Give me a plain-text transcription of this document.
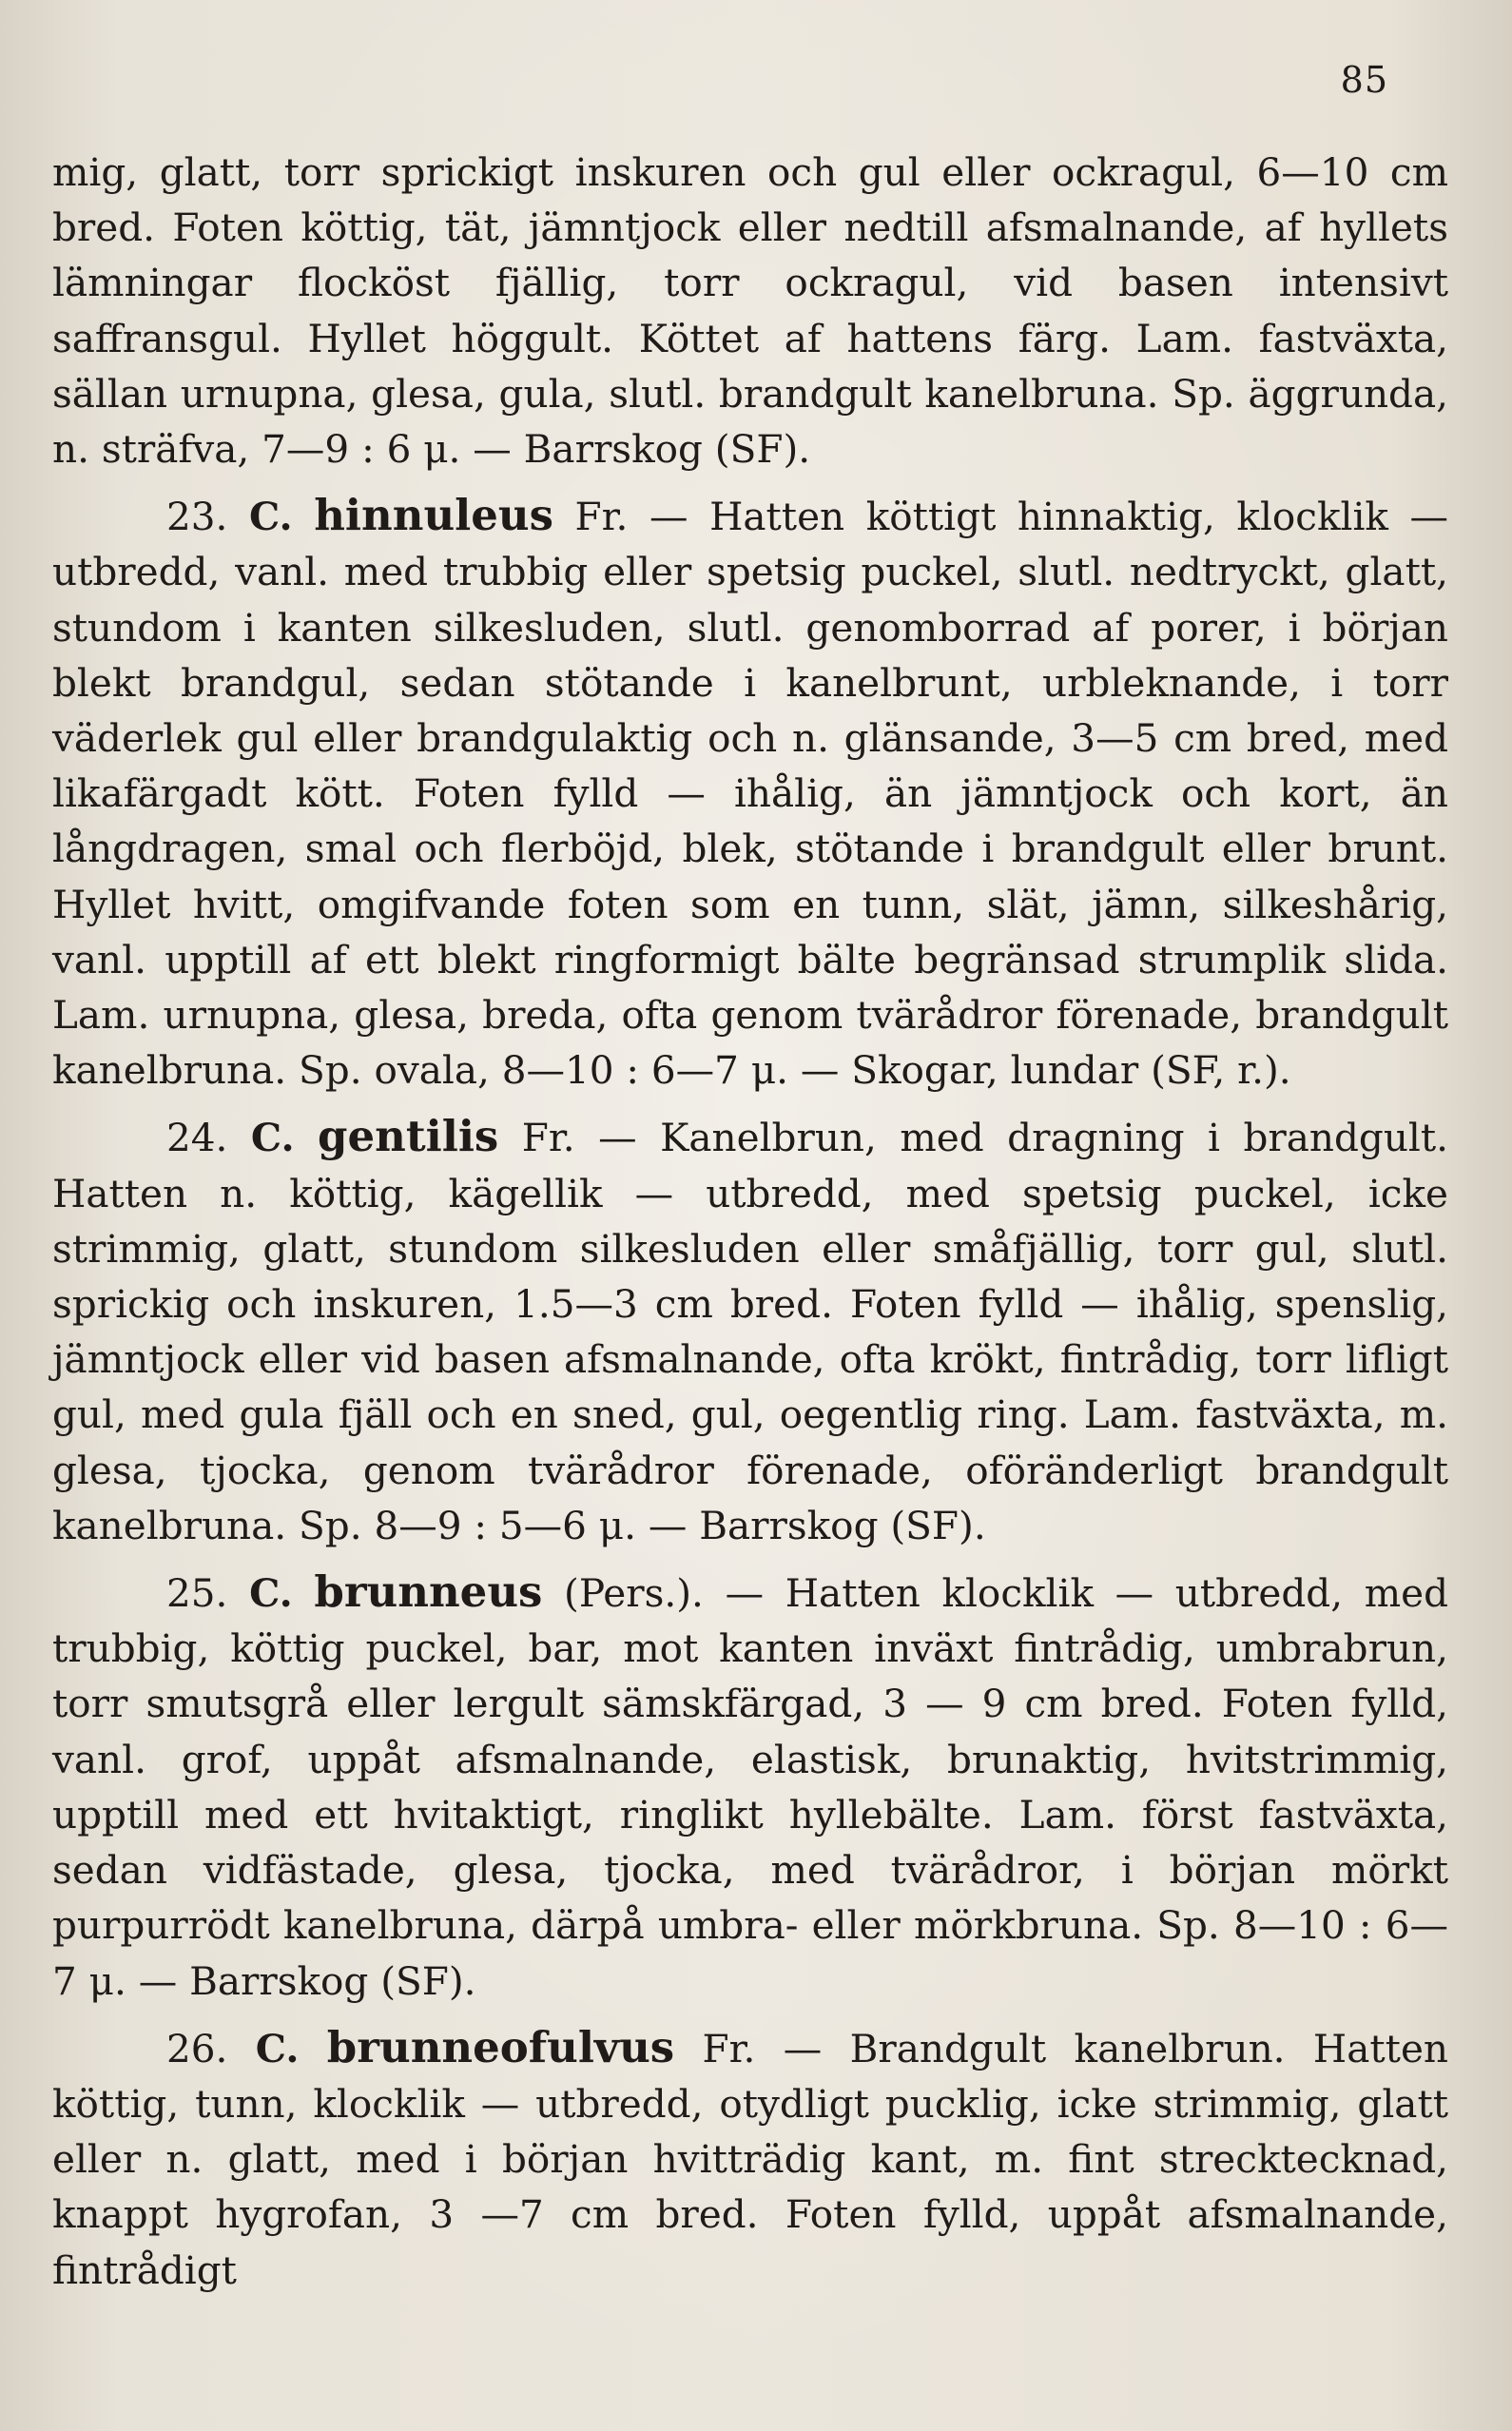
85

mig, glatt, torr sprickigt inskuren och gul eller ockragul, 6—10 cm bred. Foten köttig, tät, jämntjock eller nedtill afsmalnande, af hyllets lämningar flocköst fjällig, torr ockragul, vid basen intensivt saffransgul. Hyllet höggult. Köttet af hattens färg. Lam. fastväxta, sällan urnupna, glesa, gula, slutl. brandgult kanelbruna. Sp. äggrunda, n. sträfva, 7—9 : 6 μ. — Barrskog (SF).

23. C. hinnuleus Fr. — Hatten köttigt hinnaktig, klocklik — utbredd, vanl. med trubbig eller spetsig puckel, slutl. nedtryckt, glatt, stundom i kanten silkesluden, slutl. genomborrad af porer, i början blekt brandgul, sedan stötande i kanelbrunt, urbleknande, i torr väderlek gul eller brandgulaktig och n. glänsande, 3—5 cm bred, med likafärgadt kött. Foten fylld — ihålig, än jämntjock och kort, än långdragen, smal och flerböjd, blek, stötande i brandgult eller brunt. Hyllet hvitt, omgifvande foten som en tunn, slät, jämn, silkeshårig, vanl. upptill af ett blekt ringformigt bälte begränsad strumplik slida. Lam. urnupna, glesa, breda, ofta genom tvärådror förenade, brandgult kanelbruna. Sp. ovala, 8—10 : 6—7 μ. — Skogar, lundar (SF, r.).

24. C. gentilis Fr. — Kanelbrun, med dragning i brandgult. Hatten n. köttig, kägellik — utbredd, med spetsig puckel, icke strimmig, glatt, stundom silkesluden eller småfjällig, torr gul, slutl. sprickig och inskuren, 1.5—3 cm bred. Foten fylld — ihålig, spenslig, jämntjock eller vid basen afsmalnande, ofta krökt, fintrådig, torr lifligt gul, med gula fjäll och en sned, gul, oegentlig ring. Lam. fastväxta, m. glesa, tjocka, genom tvärådror förenade, oföränderligt brandgult kanelbruna. Sp. 8—9 : 5—6 μ. — Barrskog (SF).

25. C. brunneus (Pers.). — Hatten klocklik — utbredd, med trubbig, köttig puckel, bar, mot kanten inväxt fintrådig, umbrabrun, torr smutsgrå eller lergult sämskfärgad, 3 — 9 cm bred. Foten fylld, vanl. grof, uppåt afsmalnande, elastisk, brunaktig, hvitstrimmig, upptill med ett hvitaktigt, ringlikt hyllebälte. Lam. först fastväxta, sedan vidfästade, glesa, tjocka, med tvärådror, i början mörkt purpurrödt kanelbruna, därpå umbra- eller mörkbruna. Sp. 8—10 : 6—7 μ. — Barrskog (SF).

26. C. brunneofulvus Fr. — Brandgult kanelbrun. Hatten köttig, tunn, klocklik — utbredd, otydligt pucklig, icke strimmig, glatt eller n. glatt, med i början hvitträdig kant, m. fint strecktecknad, knappt hygrofan, 3 —7 cm bred. Foten fylld, uppåt afsmalnande, fintrådigt
